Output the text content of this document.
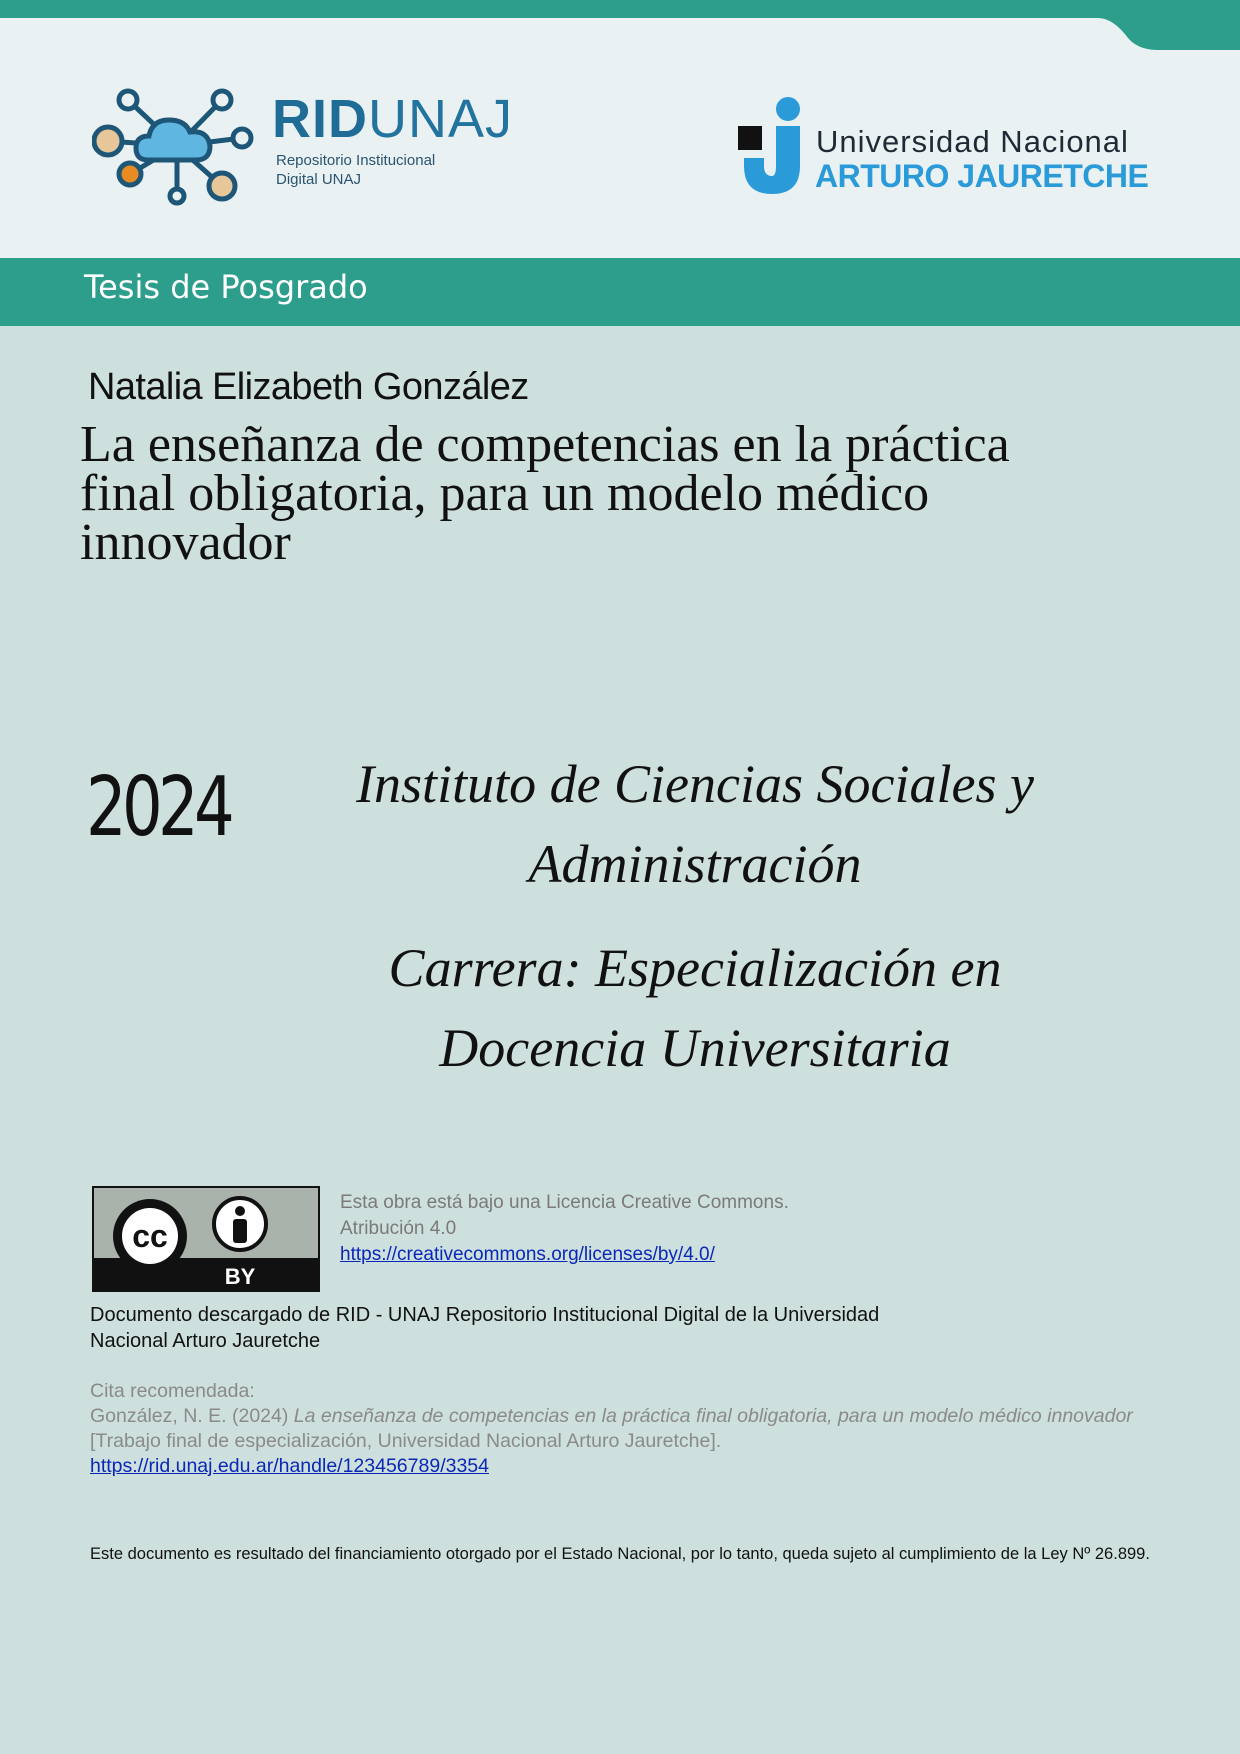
RIDUNAJ
Repositorio Institucional
Digital UNAJ
Universidad Nacional
ARTURO JAURETCHE
Tesis de Posgrado
Natalia Elizabeth González
La enseñanza de competencias en la práctica final obligatoria, para un modelo médico innovador
2024	Instituto de Ciencias Sociales y Administración
Carrera: Especialización en Docencia Universitaria
cc
BY
Esta obra está bajo una Licencia Creative Commons.
Atribución 4.0
https://creativecommons.org/licenses/by/4.0/
Documento descargado de RID - UNAJ Repositorio Institucional Digital de la Universidad Nacional Arturo Jauretche
Cita recomendada:
González, N. E. (2024) La enseñanza de competencias en la práctica final obligatoria, para un modelo médico innovador [Trabajo final de especialización, Universidad Nacional Arturo Jauretche].
https://rid.unaj.edu.ar/handle/123456789/3354
Este documento es resultado del financiamiento otorgado por el Estado Nacional, por lo tanto, queda sujeto al cumplimiento de la Ley Nº 26.899.
